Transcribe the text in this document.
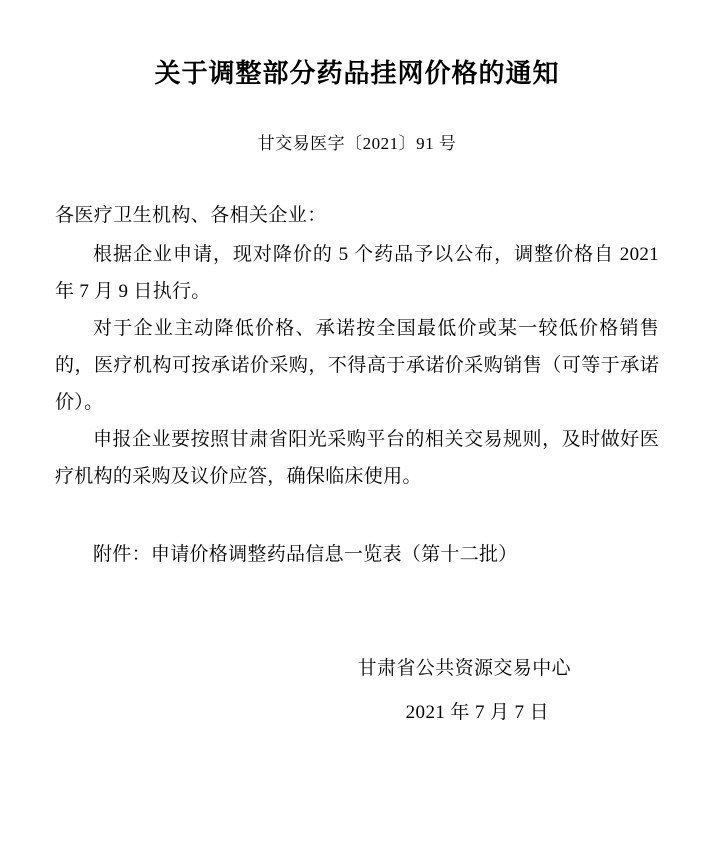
关于调整部分药品挂网价格的通知

甘交易医字〔2021〕91 号

各医疗卫生机构、各相关企业：

根据企业申请，现对降价的 5 个药品予以公布，调整价格自 2021 年 7 月 9 日执行。

对于企业主动降低价格、承诺按全国最低价或某一较低价格销售的，医疗机构可按承诺价采购，不得高于承诺价采购销售（可等于承诺价）。

申报企业要按照甘肃省阳光采购平台的相关交易规则，及时做好医疗机构的采购及议价应答，确保临床使用。

附件：申请价格调整药品信息一览表（第十二批）

甘肃省公共资源交易中心

2021 年 7 月 7 日
